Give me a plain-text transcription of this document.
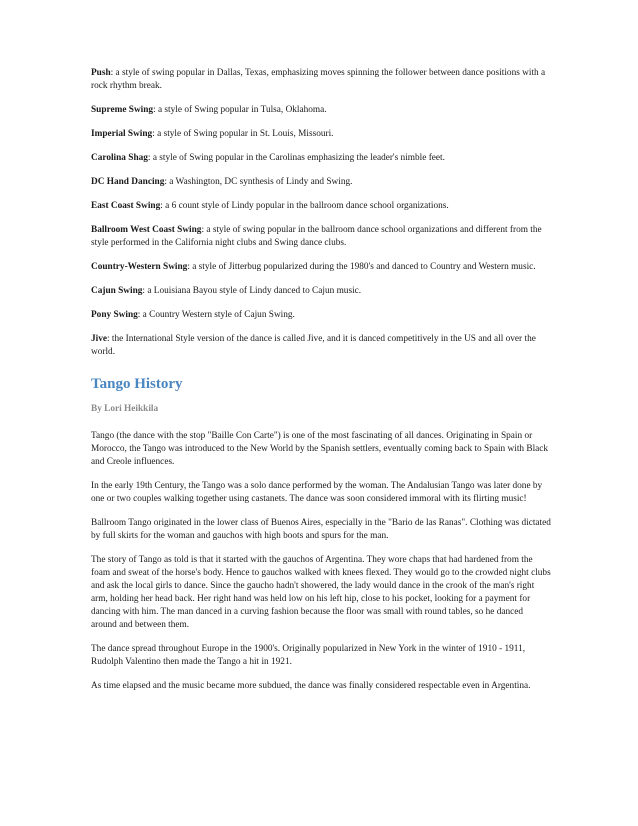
Push: a style of swing popular in Dallas, Texas, emphasizing moves spinning the follower between dance positions with a rock rhythm break.

Supreme Swing: a style of Swing popular in Tulsa, Oklahoma.

Imperial Swing: a style of Swing popular in St. Louis, Missouri.

Carolina Shag: a style of Swing popular in the Carolinas emphasizing the leader's nimble feet.

DC Hand Dancing: a Washington, DC synthesis of Lindy and Swing.

East Coast Swing: a 6 count style of Lindy popular in the ballroom dance school organizations.

Ballroom West Coast Swing: a style of swing popular in the ballroom dance school organizations and different from the style performed in the California night clubs and Swing dance clubs.

Country-Western Swing: a style of Jitterbug popularized during the 1980's and danced to Country and Western music.

Cajun Swing: a Louisiana Bayou style of Lindy danced to Cajun music.

Pony Swing: a Country Western style of Cajun Swing.

Jive: the International Style version of the dance is called Jive, and it is danced competitively in the US and all over the world.

Tango History
By Lori Heikkila

Tango (the dance with the stop "Baille Con Carte") is one of the most fascinating of all dances. Originating in Spain or Morocco, the Tango was introduced to the New World by the Spanish settlers, eventually coming back to Spain with Black and Creole influences.

In the early 19th Century, the Tango was a solo dance performed by the woman. The Andalusian Tango was later done by one or two couples walking together using castanets. The dance was soon considered immoral with its flirting music!

Ballroom Tango originated in the lower class of Buenos Aires, especially in the "Bario de las Ranas". Clothing was dictated by full skirts for the woman and gauchos with high boots and spurs for the man.

The story of Tango as told is that it started with the gauchos of Argentina. They wore chaps that had hardened from the foam and sweat of the horse's body. Hence to gauchos walked with knees flexed. They would go to the crowded night clubs and ask the local girls to dance. Since the gaucho hadn't showered, the lady would dance in the crook of the man's right arm, holding her head back. Her right hand was held low on his left hip, close to his pocket, looking for a payment for dancing with him. The man danced in a curving fashion because the floor was small with round tables, so he danced around and between them.

The dance spread throughout Europe in the 1900's. Originally popularized in New York in the winter of 1910 - 1911, Rudolph Valentino then made the Tango a hit in 1921.

As time elapsed and the music became more subdued, the dance was finally considered respectable even in Argentina.
